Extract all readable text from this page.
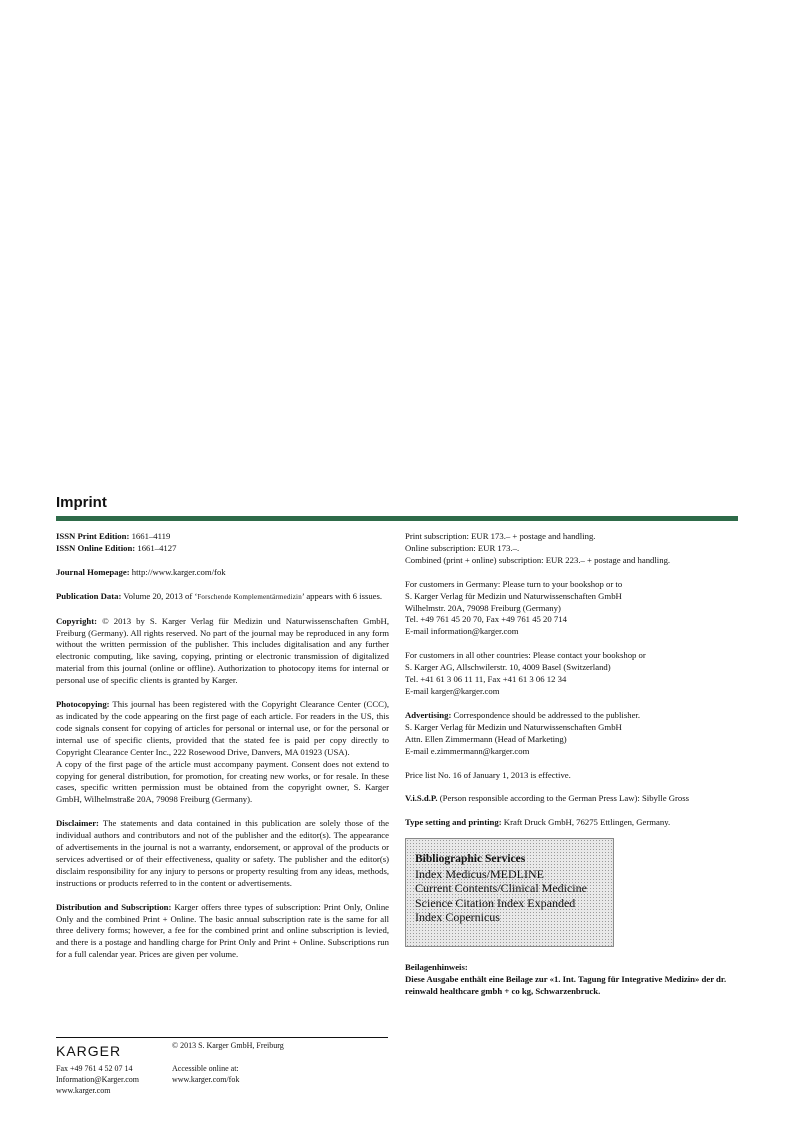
Imprint
ISSN Print Edition: 1661–4119
ISSN Online Edition: 1661–4127
Journal Homepage: http://www.karger.com/fok
Publication Data: Volume 20, 2013 of ‘Forschende Komplementärmedizin’ appears with 6 issues.
Copyright: © 2013 by S. Karger Verlag für Medizin und Naturwissenschaften GmbH, Freiburg (Germany). All rights reserved. No part of the journal may be reproduced in any form without the written permission of the publisher. This includes digitalisation and any further electronic computing, like saving, copying, printing or electronic transmission of digitalized material from this journal (online or offline). Authorization to photocopy items for internal or personal use of specific clients is granted by Karger.
Photocopying: This journal has been registered with the Copyright Clearance Center (CCC), as indicated by the code appearing on the first page of each article. For readers in the US, this code signals consent for copying of articles for personal or internal use, or for the personal or internal use of specific clients, provided that the stated fee is paid per copy directly to Copyright Clearance Center Inc., 222 Rosewood Drive, Danvers, MA 01923 (USA).
A copy of the first page of the article must accompany payment. Consent does not extend to copying for general distribution, for promotion, for creating new works, or for resale. In these cases, specific written permission must be obtained from the copyright owner, S. Karger GmbH, Wilhelmstraße 20A, 79098 Freiburg (Germany).
Disclaimer: The statements and data contained in this publication are solely those of the individual authors and contributors and not of the publisher and the editor(s). The appearance of advertisements in the journal is not a warranty, endorsement, or approval of the products or services advertised or of their effectiveness, quality or safety. The publisher and the editor(s) disclaim responsibility for any injury to persons or property resulting from any ideas, methods, instructions or products referred to in the content or advertisements.
Distribution and Subscription: Karger offers three types of subscription: Print Only, Online Only and the combined Print + Online. The basic annual subscription rate is the same for all three delivery forms; however, a fee for the combined print and online subscription is levied, and there is a postage and handling charge for Print Only and Print + Online. Subscriptions run for a full calendar year. Prices are given per volume.
Print subscription: EUR 173.– + postage and handling.
Online subscription: EUR 173.–.
Combined (print + online) subscription: EUR 223.– + postage and handling.
For customers in Germany: Please turn to your bookshop or to
S. Karger Verlag für Medizin und Naturwissenschaften GmbH
Wilhelmstr. 20A, 79098 Freiburg (Germany)
Tel. +49 761 45 20 70, Fax +49 761 45 20 714
E-mail information@karger.com
For customers in all other countries: Please contact your bookshop or
S. Karger AG, Allschwilerstr. 10, 4009 Basel (Switzerland)
Tel. +41 61 3 06 11 11, Fax +41 61 3 06 12 34
E-mail karger@karger.com
Advertising: Correspondence should be addressed to the publisher.
S. Karger Verlag für Medizin und Naturwissenschaften GmbH
Attn. Ellen Zimmermann (Head of Marketing)
E-mail e.zimmermann@karger.com
Price list No. 16 of January 1, 2013 is effective.
V.i.S.d.P. (Person responsible according to the German Press Law): Sibylle Gross
Type setting and printing: Kraft Druck GmbH, 76275 Ettlingen, Germany.
Bibliographic Services
Index Medicus/MEDLINE
Current Contents/Clinical Medicine
Science Citation Index Expanded
Index Copernicus
Beilagenhinweis:
Diese Ausgabe enthält eine Beilage zur «1. Int. Tagung für Integrative Medizin» der dr. reinwald healthcare gmbh + co kg, Schwarzenbruck.
KARGER	© 2013 S. Karger GmbH, Freiburg
Fax +49 761 4 52 07 14
Information@Karger.com
www.karger.com
Accessible online at:
www.karger.com/fok
